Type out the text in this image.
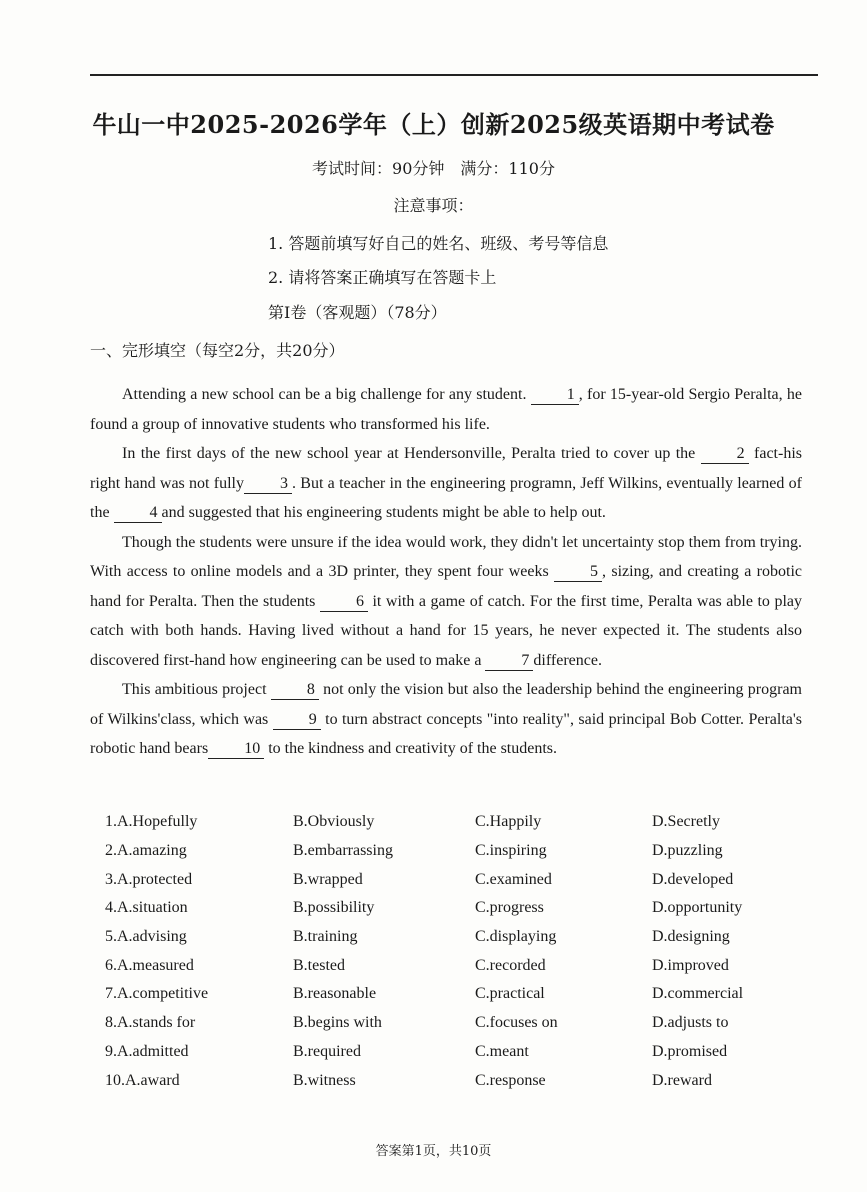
牛山一中2025-2026学年（上）创新2025级英语期中考试卷
考试时间：90分钟　满分：110分
注意事项：
1. 答题前填写好自己的姓名、班级、考号等信息
2. 请将答案正确填写在答题卡上
第Ⅰ卷（客观题）（78分）
一、完形填空（每空2分，共20分）

Attending a new school can be a big challenge for any student. 1 , for 15-year-old Sergio Peralta, he found a group of innovative students who transformed his life.

In the first days of the new school year at Hendersonville, Peralta tried to cover up the 2 fact-his right hand was not fully 3 . But a teacher in the engineering programn, Jeff Wilkins, eventually learned of the 4 and suggested that his engineering students might be able to help out.

Though the students were unsure if the idea would work, they didn't let uncertainty stop them from trying. With access to online models and a 3D printer, they spent four weeks 5 , sizing, and creating a robotic hand for Peralta. Then the students 6 it with a game of catch. For the first time, Peralta was able to play catch with both hands. Having lived without a hand for 15 years, he never expected it. The students also discovered first-hand how engineering can be used to make a 7 difference.

This ambitious project 8 not only the vision but also the leadership behind the engineering program of Wilkins'class, which was 9 to turn abstract concepts "into reality", said principal Bob Cotter. Peralta's robotic hand bears 10 to the kindness and creativity of the students.

1.A.Hopefully	B.Obviously	C.Happily	D.Secretly
2.A.amazing	B.embarrassing	C.inspiring	D.puzzling
3.A.protected	B.wrapped	C.examined	D.developed
4.A.situation	B.possibility	C.progress	D.opportunity
5.A.advising	B.training	C.displaying	D.designing
6.A.measured	B.tested	C.recorded	D.improved
7.A.competitive	B.reasonable	C.practical	D.commercial
8.A.stands for	B.begins with	C.focuses on	D.adjusts to
9.A.admitted	B.required	C.meant	D.promised
10.A.award	B.witness	C.response	D.reward
答案第1页，共10页
